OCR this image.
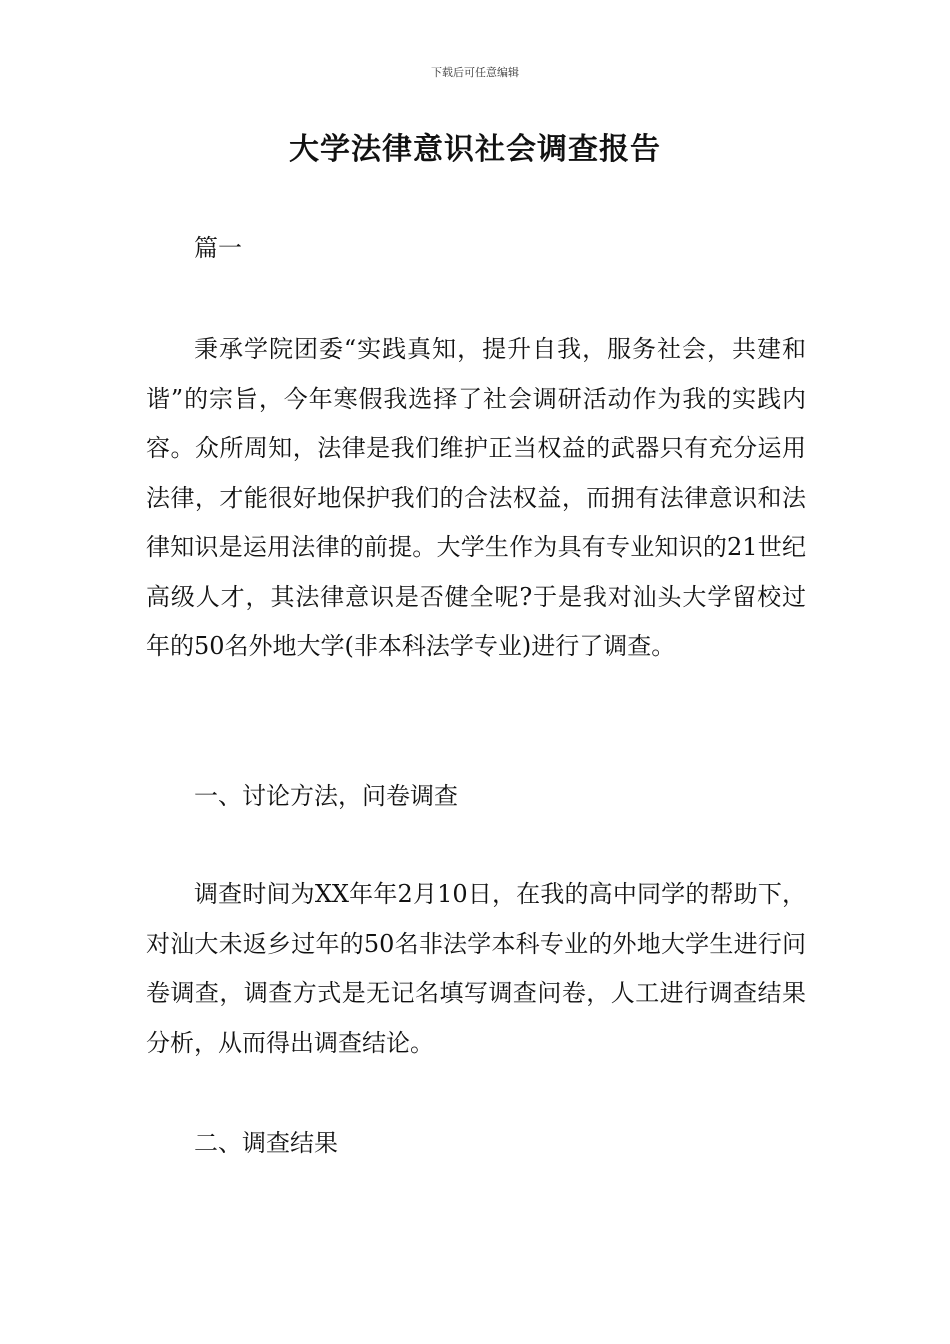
下载后可任意编辑
大学法律意识社会调查报告

篇一

秉承学院团委“实践真知，提升自我，服务社会，共建和谐”的宗旨，今年寒假我选择了社会调研活动作为我的实践内容。众所周知，法律是我们维护正当权益的武器只有充分运用法律，才能很好地保护我们的合法权益，而拥有法律意识和法律知识是运用法律的前提。大学生作为具有专业知识的21世纪高级人才，其法律意识是否健全呢?于是我对汕头大学留校过年的50名外地大学(非本科法学专业)进行了调查。

一、讨论方法，问卷调查

调查时间为XX年年2月10日，在我的高中同学的帮助下，对汕大未返乡过年的50名非法学本科专业的外地大学生进行问卷调查，调查方式是无记名填写调查问卷，人工进行调查结果分析，从而得出调查结论。

二、调查结果
